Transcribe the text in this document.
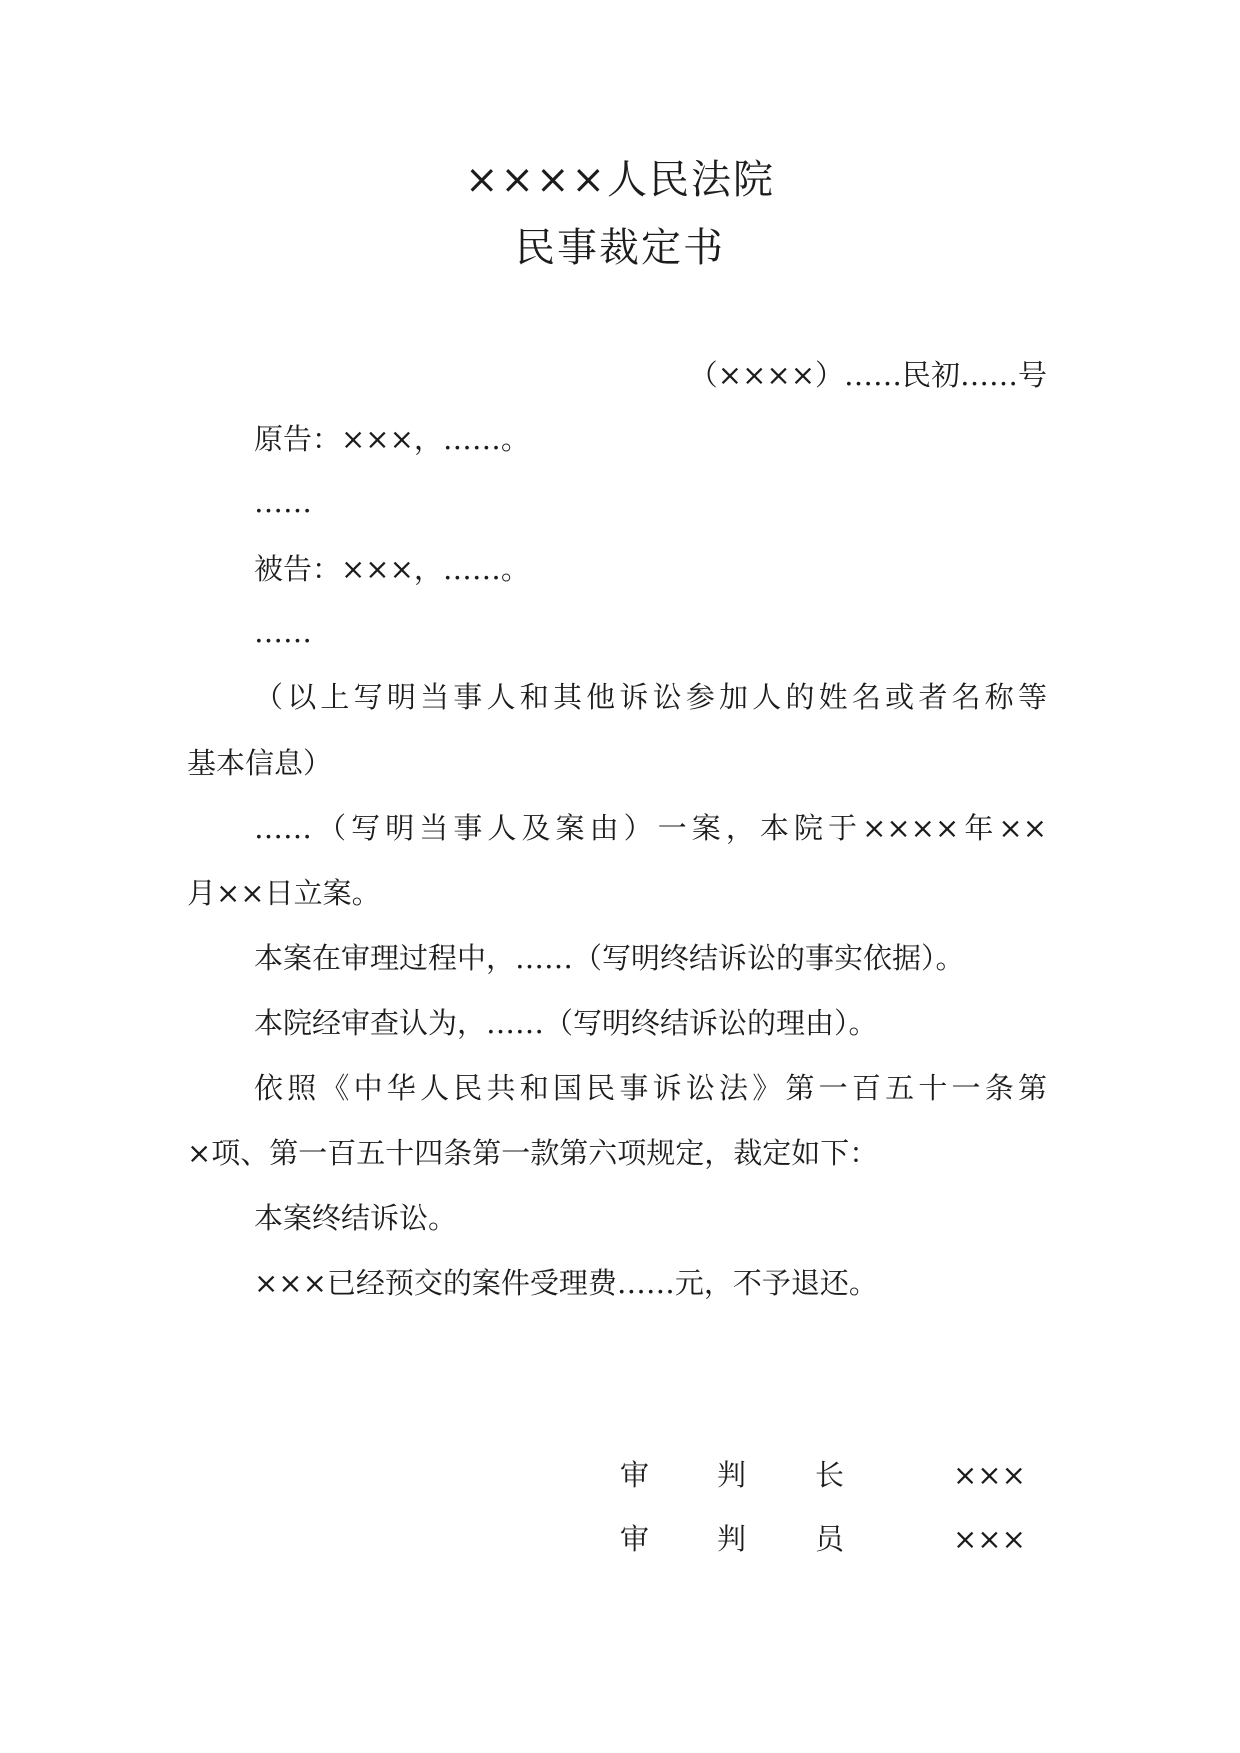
××××人民法院
民事裁定书
（××××）……民初……号
原告：×××，……。
……
被告：×××，……。
……
（以上写明当事人和其他诉讼参加人的姓名或者名称等
基本信息）
……（写明当事人及案由）一案，本院于××××年××
月××日立案。
本案在审理过程中，……（写明终结诉讼的事实依据）。
本院经审查认为，……（写明终结诉讼的理由）。
依照《中华人民共和国民事诉讼法》第一百五十一条第
×项、第一百五十四条第一款第六项规定，裁定如下：
本案终结诉讼。
×××已经预交的案件受理费……元，不予退还。
审 判 长	×××
审 判 员	×××
